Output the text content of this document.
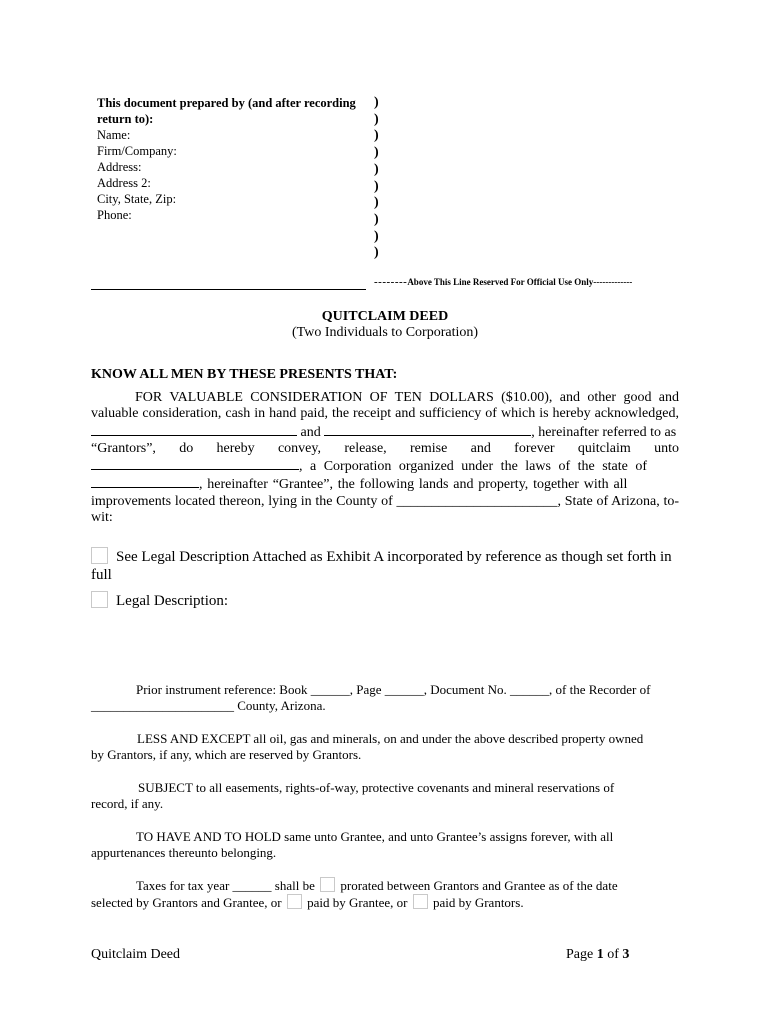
This document prepared by (and after recording
return to):
Name:
Firm/Company:
Address:
Address 2:
City, State, Zip:
Phone:
)
)
)
)
)
)
)
)
)
)
--------Above This Line Reserved For Official Use Only-------------
QUITCLAIM DEED
(Two Individuals to Corporation)
KNOW ALL MEN BY THESE PRESENTS THAT:
FOR VALUABLE CONSIDERATION OF TEN DOLLARS ($10.00), and other good and
valuable consideration, cash in hand paid, the receipt and sufficiency of which is hereby acknowledged,
and	, hereinafter referred to as
“Grantors”, do hereby convey, release, remise and forever quitclaim unto
, a Corporation organized under the laws of the state of
, hereinafter “Grantee”, the following lands and property, together with all
improvements located thereon, lying in the County of _______________________, State of Arizona, to-
wit:
See Legal Description Attached as Exhibit A incorporated by reference as though set forth in
full
Legal Description:
Prior instrument reference: Book ______, Page ______, Document No. ______, of the Recorder of
______________________ County, Arizona.
LESS AND EXCEPT all oil, gas and minerals, on and under the above described property owned
by Grantors, if any, which are reserved by Grantors.
SUBJECT to all easements, rights-of-way, protective covenants and mineral reservations of
record, if any.
TO HAVE AND TO HOLD same unto Grantee, and unto Grantee’s assigns forever, with all
appurtenances thereunto belonging.
Taxes for tax year ______ shall be prorated between Grantors and Grantee as of the date
selected by Grantors and Grantee, or paid by Grantee, or paid by Grantors.
Quitclaim Deed	Page 1 of 3
